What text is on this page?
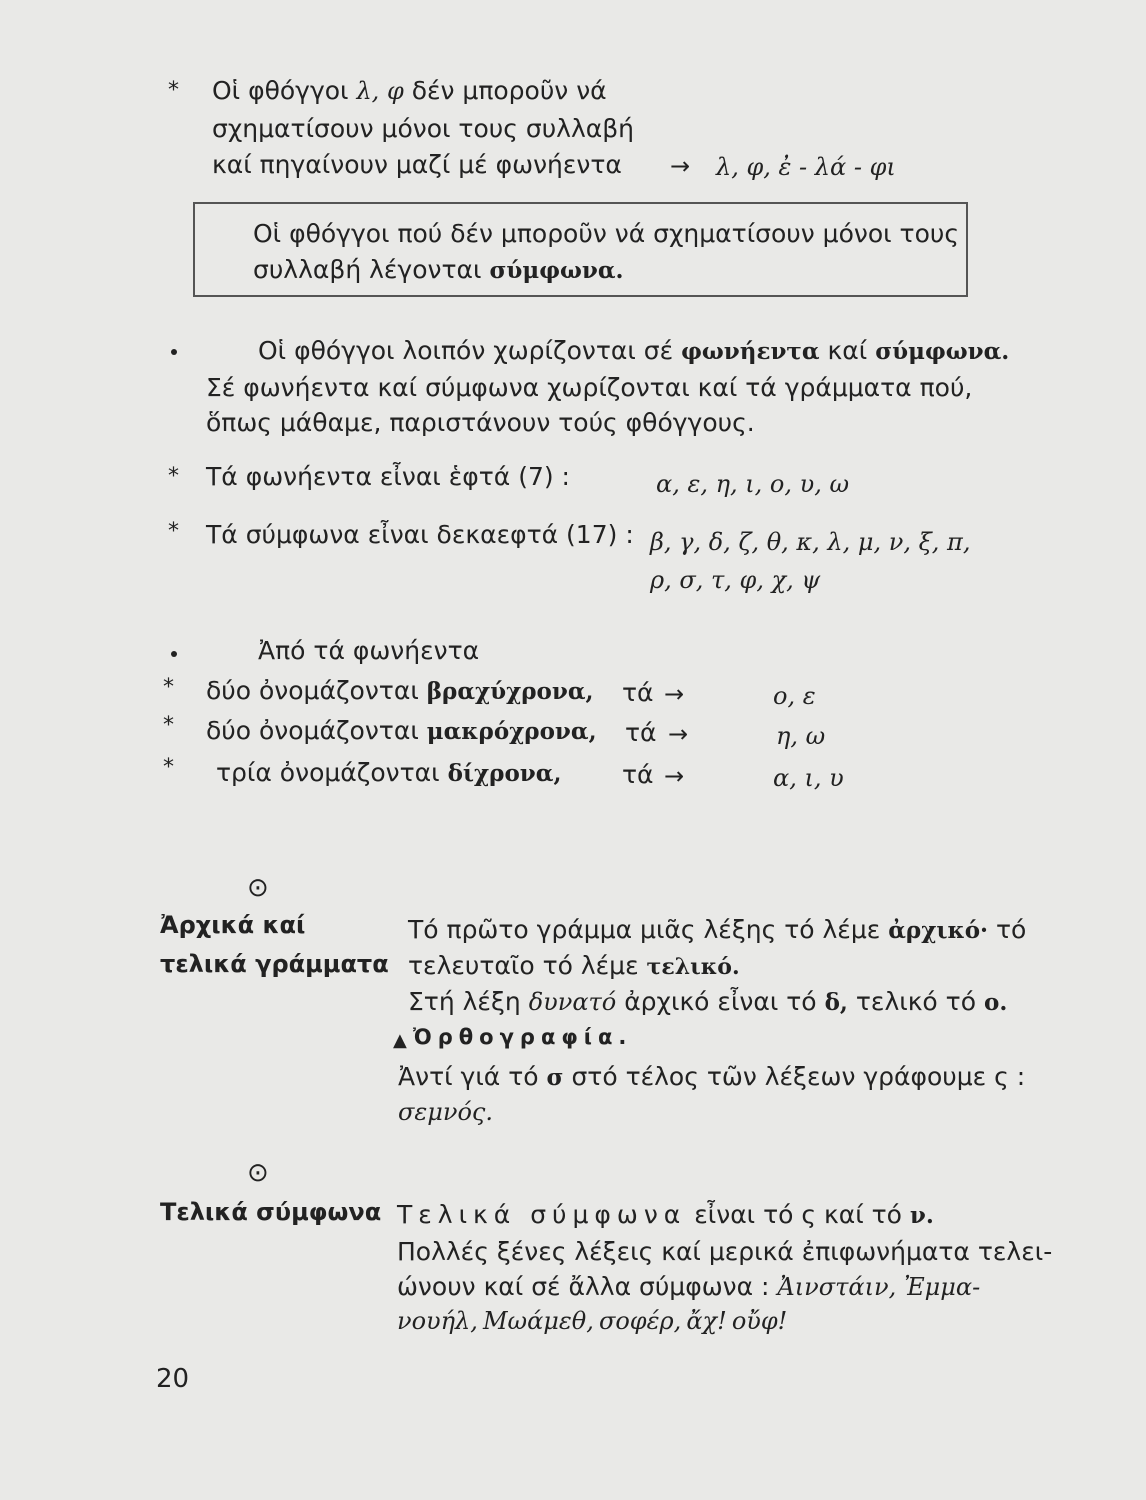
* Οἱ φθόγγοι λ, φ δέν μποροῦν νά
σχηματίσουν μόνοι τους συλλαβή
καί πηγαίνουν μαζί μέ φωνήεντα → λ, φ, ἐ - λά - φι
Οἱ φθόγγοι πού δέν μποροῦν νά σχηματίσουν μόνοι τους
συλλαβή λέγονται σύμφωνα.
Οἱ φθόγγοι λοιπόν χωρίζονται σέ φωνήεντα καί σύμφωνα.
Σέ φωνήεντα καί σύμφωνα χωρίζονται καί τά γράμματα πού,
ὅπως μάθαμε, παριστάνουν τούς φθόγγους.
* Τά φωνήεντα εἶναι ἑφτά (7) :	α, ε, η, ι, ο, υ, ω
* Τά σύμφωνα εἶναι δεκαεφτά (17) : β, γ, δ, ζ, θ, κ, λ, μ, ν, ξ, π,
ρ, σ, τ, φ, χ, ψ
Ἀπό τά φωνήεντα
* δύο ὀνομάζονται βραχύχρονα, τά →	ο, ε
* δύο ὀνομάζονται μακρόχρονα, τά →	η, ω
* τρία ὀνομάζονται δίχρονα, τά →	α, ι, υ
⊙
Ἀρχικά καί
τελικά γράμματα
Τό πρῶτο γράμμα μιᾶς λέξης τό λέμε ἀρχικό· τό
τελευταῖο τό λέμε τελικό.
Στή λέξη δυνατό ἀρχικό εἶναι τό δ, τελικό τό ο.
▲ Ὀρθογραφία.
Ἀντί γιά τό σ στό τέλος τῶν λέξεων γράφουμε ς :
σεμνός.
⊙
Τελικά σύμφωνα Τελικά σύμφωνα εἶναι τό ς καί τό ν.
Πολλές ξένες λέξεις καί μερικά ἐπιφωνήματα τελει-
ώνουν καί σέ ἄλλα σύμφωνα : Ἀινστάιν, Ἐμμα-
νουήλ, Μωάμεθ, σοφέρ, ἄχ! οὔφ!
20
